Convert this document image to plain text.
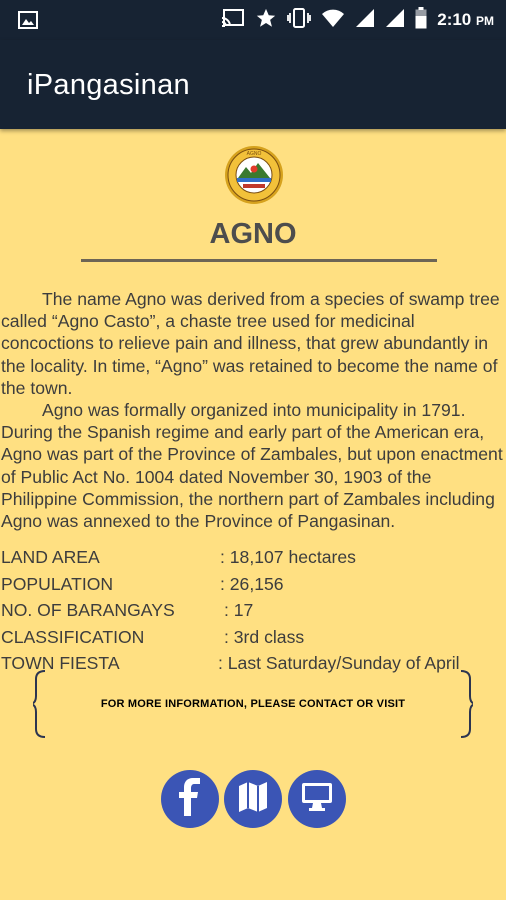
2:10 PM
iPangasinan
AGNO
AGNO

The name Agno was derived from a species of swamp tree called “Agno Casto”, a chaste tree used for medicinal concoctions to relieve pain and illness, that grew abundantly in the locality. In time, “Agno” was retained to become the name of the town.

Agno was formally organized into municipality in 1791. During the Spanish regime and early part of the American era, Agno was part of the Province of Zambales, but upon enactment of Public Act No. 1004 dated November 30, 1903 of the Philippine Commission, the northern part of Zambales including Agno was annexed to the Province of Pangasinan.

LAND AREA	: 18,107 hectares
POPULATION	: 26,156
NO. OF BARANGAYS	: 17
CLASSIFICATION	: 3rd class
TOWN FIESTA	: Last Saturday/Sunday of April
FOR MORE INFORMATION, PLEASE CONTACT OR VISIT
